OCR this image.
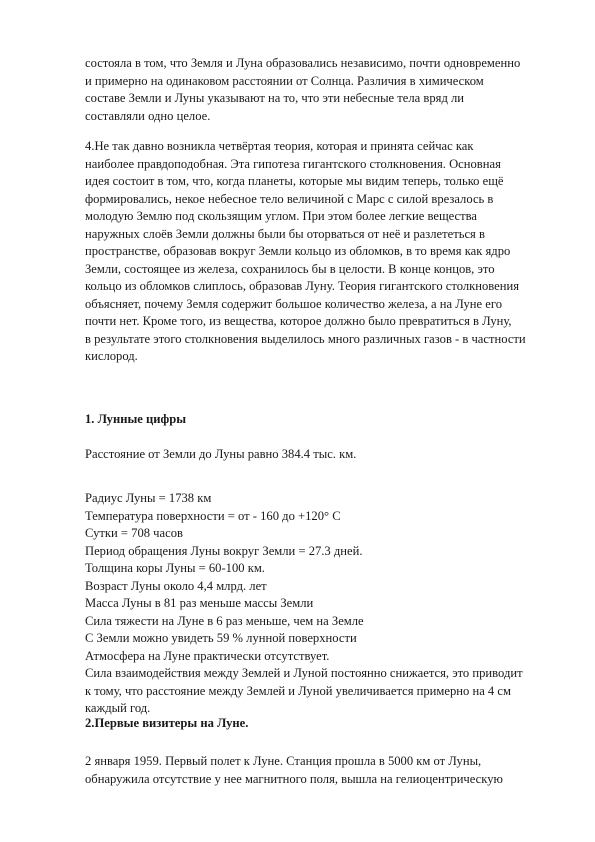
состояла в том, что Земля и Луна образовались независимо, почти одновременно
и примерно на одинаковом расстоянии от Солнца. Различия в химическом
составе Земли и Луны указывают на то, что эти небесные тела вряд ли
составляли одно целое.
4.Не так давно возникла четвёртая теория, которая и принята сейчас как
наиболее правдоподобная. Эта гипотеза гигантского столкновения. Основная
идея состоит в том, что, когда планеты, которые мы видим теперь, только ещё
формировались, некое небесное тело величиной с Марс с силой врезалось в
молодую Землю под скользящим углом. При этом более легкие вещества
наружных слоёв Земли должны были бы оторваться от неё и разлететься в
пространстве, образовав вокруг Земли кольцо из обломков, в то время как ядро
Земли, состоящее из железа, сохранилось бы в целости. В конце концов, это
кольцо из обломков слиплось, образовав Луну. Теория гигантского столкновения
объясняет, почему Земля содержит большое количество железа, а на Луне его
почти нет. Кроме того, из вещества, которое должно было превратиться в Луну,
в результате этого столкновения выделилось много различных газов - в частности
кислород.
1. Лунные цифры

Расстояние от Земли до Луны равно 384.4 тыс. км.

Радиус Луны = 1738 км
Температура поверхности = от - 160 до +120° С
Сутки = 708 часов
Период обращения Луны вокруг Земли = 27.3 дней.
Толщина коры Луны = 60-100 км.
Возраст Луны около 4,4 млрд. лет
Масса Луны в 81 раз меньше массы Земли
Сила тяжести на Луне в 6 раз меньше, чем на Земле
С Земли можно увидеть 59 % лунной поверхности
Атмосфера на Луне практически отсутствует.
Сила взаимодействия между Землей и Луной постоянно снижается, это приводит
к тому, что расстояние между Землей и Луной увеличивается примерно на 4 см
каждый год.
2.Первые визитеры на Луне.
2 января 1959. Первый полет к Луне. Станция прошла в 5000 км от Луны,
обнаружила отсутствие у нее магнитного поля, вышла на гелиоцентрическую
